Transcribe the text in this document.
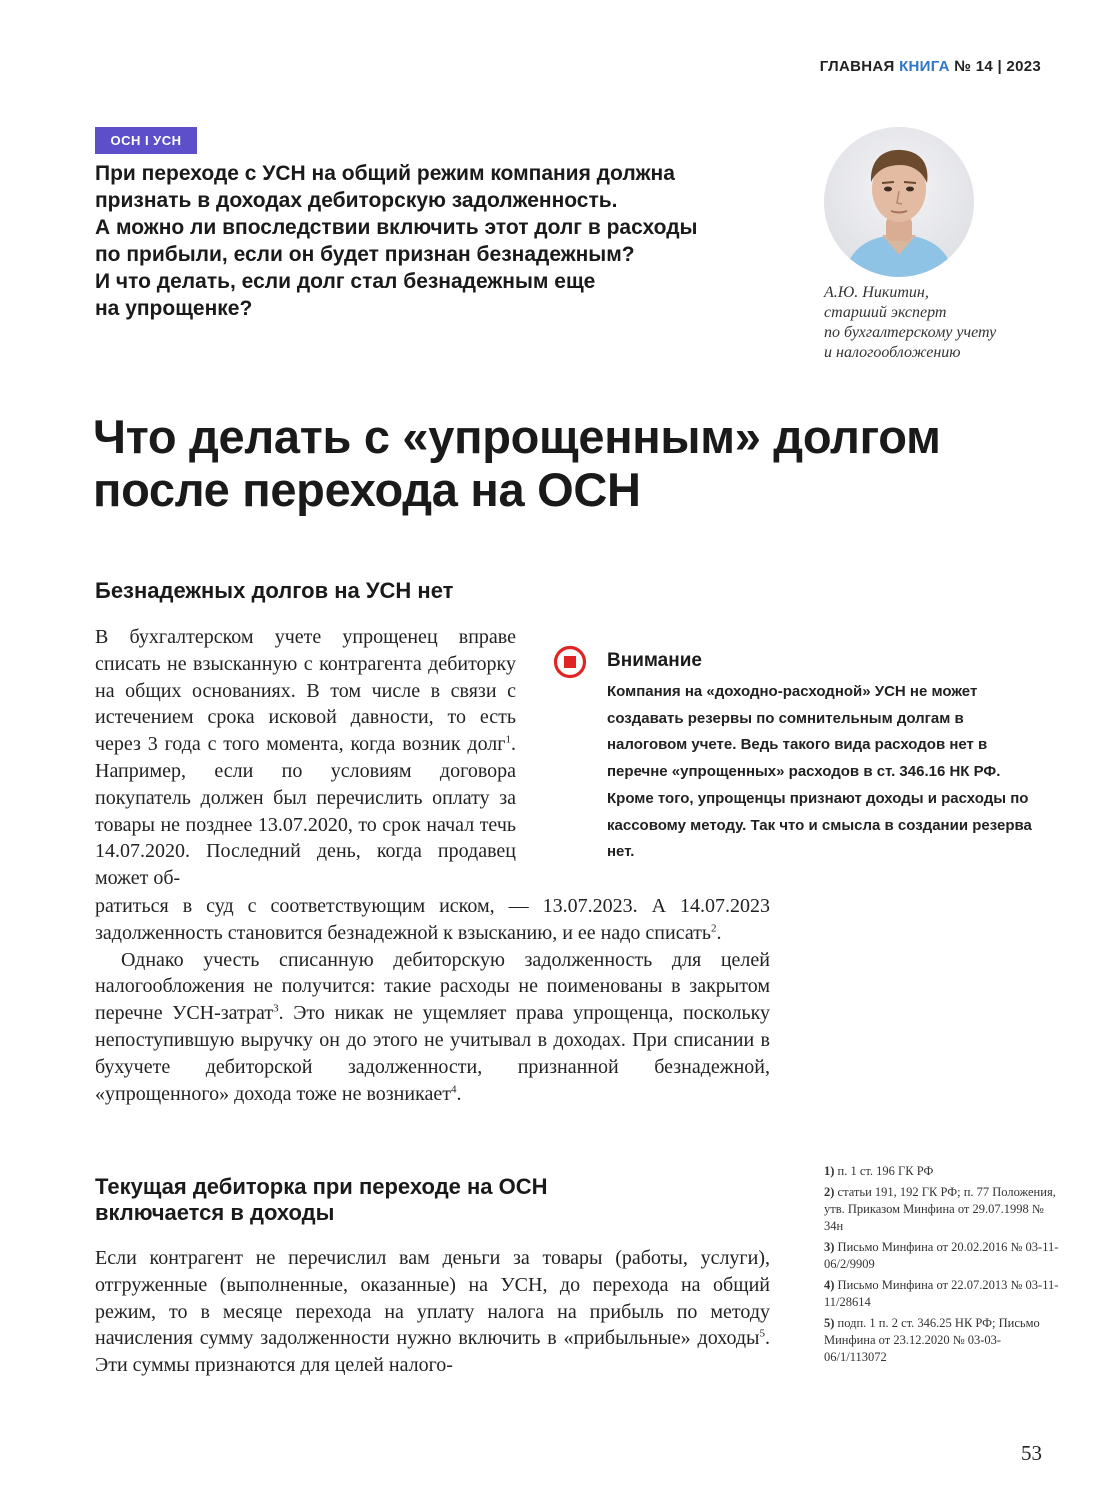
ГЛАВНАЯ КНИГА № 14 | 2023
ОСН І УСН
При переходе с УСН на общий режим компания должна
признать в доходах дебиторскую задолженность.
А можно ли впоследствии включить этот долг в расходы
по прибыли, если он будет признан безнадежным?
И что делать, если долг стал безнадежным еще
на упрощенке?
А.Ю. Никитин,
старший эксперт
по бухгалтерскому учету
и налогообложению
Что делать с «упрощенным» долгом
после перехода на ОСН
Безнадежных долгов на УСН нет

В бухгалтерском учете упрощенец вправе списать не взысканную с контрагента дебиторку на общих основаниях. В том числе в связи с истечением срока исковой давности, то есть через 3 года с того момента, когда возник долг$^1$. Например, если по условиям договора покупатель должен был перечислить оплату за товары не позднее 13.07.2020, то срок начал течь 14.07.2020. Последний день, когда продавец может об-

ратиться в суд с соответствующим иском, — 13.07.2023. А 14.07.2023 задолженность становится безнадежной к взысканию, и ее надо списать$^2$.

Однако учесть списанную дебиторскую задолженность для целей налогообложения не получится: такие расходы не поименованы в закрытом перечне УСН-затрат$^3$. Это никак не ущемляет права упрощенца, поскольку непоступившую выручку он до этого не учитывал в доходах. При списании в бухучете дебиторской задолженности, признанной безнадежной, «упрощенного» дохода тоже не возникает$^4$.

Внимание
Компания на «доходно-расходной» УСН не может создавать резервы по сомнительным долгам в налоговом учете. Ведь такого вида расходов нет в перечне «упрощенных» расходов в ст. 346.16 НК РФ. Кроме того, упрощенцы признают доходы и расходы по кассовому методу. Так что и смысла в создании резерва нет.
Текущая дебиторка при переходе на ОСН
включается в доходы

Если контрагент не перечислил вам деньги за товары (работы, услуги), отгруженные (выполненные, оказанные) на УСН, до перехода на общий режим, то в месяце перехода на уплату налога на прибыль по методу начисления сумму задолженности нужно включить в «прибыльные» доходы$^5$. Эти суммы признаются для целей налого-

1) п. 1 ст. 196 ГК РФ
2) статьи 191, 192 ГК РФ; п. 77 Положения, утв. Приказом Минфина от 29.07.1998 № 34н
3) Письмо Минфина от 20.02.2016 № 03-11-06/2/9909
4) Письмо Минфина от 22.07.2013 № 03-11-11/28614
5) подп. 1 п. 2 ст. 346.25 НК РФ; Письмо Минфина от 23.12.2020 № 03-03-06/1/113072
53
